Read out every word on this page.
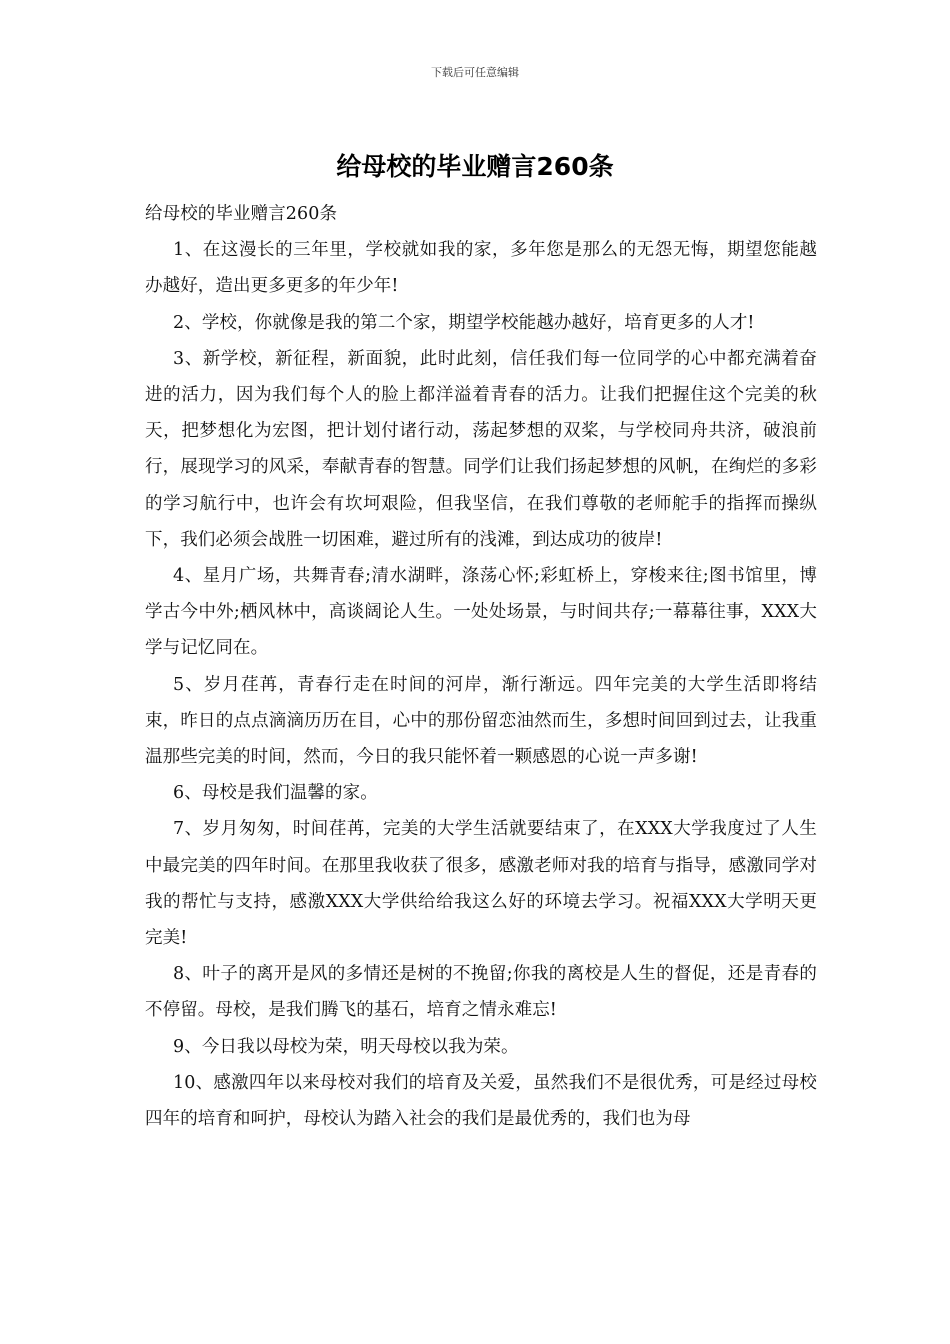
下载后可任意编辑
给母校的毕业赠言260条

给母校的毕业赠言260条

1、在这漫长的三年里，学校就如我的家，多年您是那么的无怨无悔，期望您能越办越好，造出更多更多的年少年!

2、学校，你就像是我的第二个家，期望学校能越办越好，培育更多的人才!

3、新学校，新征程，新面貌，此时此刻，信任我们每一位同学的心中都充满着奋进的活力，因为我们每个人的脸上都洋溢着青春的活力。让我们把握住这个完美的秋天，把梦想化为宏图，把计划付诸行动，荡起梦想的双桨，与学校同舟共济，破浪前行，展现学习的风采，奉献青春的智慧。同学们让我们扬起梦想的风帆，在绚烂的多彩的学习航行中，也许会有坎坷艰险，但我坚信，在我们尊敬的老师舵手的指挥而操纵下，我们必须会战胜一切困难，避过所有的浅滩，到达成功的彼岸!

4、星月广场，共舞青春;清水湖畔，涤荡心怀;彩虹桥上，穿梭来往;图书馆里，博学古今中外;栖风林中，高谈阔论人生。一处处场景，与时间共存;一幕幕往事，XXX大学与记忆同在。

5、岁月荏苒，青春行走在时间的河岸，渐行渐远。四年完美的大学生活即将结束，昨日的点点滴滴历历在目，心中的那份留恋油然而生，多想时间回到过去，让我重温那些完美的时间，然而，今日的我只能怀着一颗感恩的心说一声多谢!

6、母校是我们温馨的家。

7、岁月匆匆，时间荏苒，完美的大学生活就要结束了，在XXX大学我度过了人生中最完美的四年时间。在那里我收获了很多，感激老师对我的培育与指导，感激同学对我的帮忙与支持，感激XXX大学供给给我这么好的环境去学习。祝福XXX大学明天更完美!

8、叶子的离开是风的多情还是树的不挽留;你我的离校是人生的督促，还是青春的不停留。母校，是我们腾飞的基石，培育之情永难忘!

9、今日我以母校为荣，明天母校以我为荣。

10、感激四年以来母校对我们的培育及关爱，虽然我们不是很优秀，可是经过母校四年的培育和呵护，母校认为踏入社会的我们是最优秀的，我们也为母
